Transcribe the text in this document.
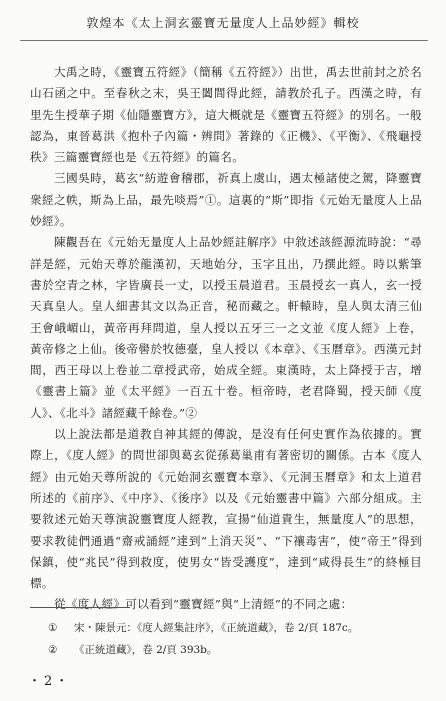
敦煌本《太上洞玄靈寶无量度人上品妙經》輯校

大禹之時，《靈寶五符經》（簡稱《五符經》）出世，禹去世前封之於名山石函之中。至春秋之末，吳王闔閭得此經，請教於孔子。西漢之時，有里先生授華子期《仙隱靈寶方》，這大概就是《靈寶五符經》的別名。一般認為，東晉葛洪《抱朴子內篇・辨問》著錄的《正機》、《平衡》、《飛龜授秩》三篇靈寶經也是《五符經》的篇名。

三國吳時，葛玄“紡遊會稽郡，祈真上虞山，遇太極諸使之駕，降靈寶衆經之帙，斯為上品，最先啖焉”①。這裏的“斯”即指《元始无量度人上品妙經》。

陳觀吾在《元始无量度人上品妙經註解序》中敘述該經源流時說：“尋詳是經，元始天尊於龍漢初，天地始分，玉字且出，乃撰此經。時以紫筆書於空青之林，字皆廣長一丈，以授玉晨道君。玉晨授玄一真人，玄一授天真皇人。皇人細書其文以為正音，秘而藏之。軒轅時，皇人與太清三仙王會峨嵋山，黃帝再拜問道，皇人授以五牙三一之文並《度人經》上卷，黃帝修之上仙。後帝嚳於牧德臺，皇人授以《本章》、《玉曆章》。西漢元封間，西王母以上卷並二章授武帝，始成全經。東漢時，太上降授于吉，增《靈書上篇》並《太平經》一百五十卷。桓帝時，老君降蜀，授天師《度人》、《北斗》諸經藏千餘卷。”②

以上說法都是道教自神其經的傳說，是沒有任何史實作為依據的。實際上，《度人經》的問世卻與葛玄從孫葛巢甫有著密切的關係。古本《度人經》由元始天尊所說的《元始洞玄靈寶本章》、《元洞玉曆章》和太上道君所述的《前序》、《中序》、《後序》以及《元始靈書中篇》六部分組成。主要敘述元始天尊演說靈寶度人經教，宣揚“仙道貴生，無量度人”的思想，要求教徒們通過“齋戒誦經”達到“上消天災”、“下禳毒害”，使“帝王”得到保鎮，使“兆民”得到救度，使男女“皆受護度”，達到“咸得長生”的終極目標。

從《度人經》可以看到“靈寶經”與“上清經”的不同之處：

①	宋・陳景元：《度人經集註序》，《正統道藏》，卷 2/頁 187c。
②	《正統道藏》，卷 2/頁 393b。
・2・
